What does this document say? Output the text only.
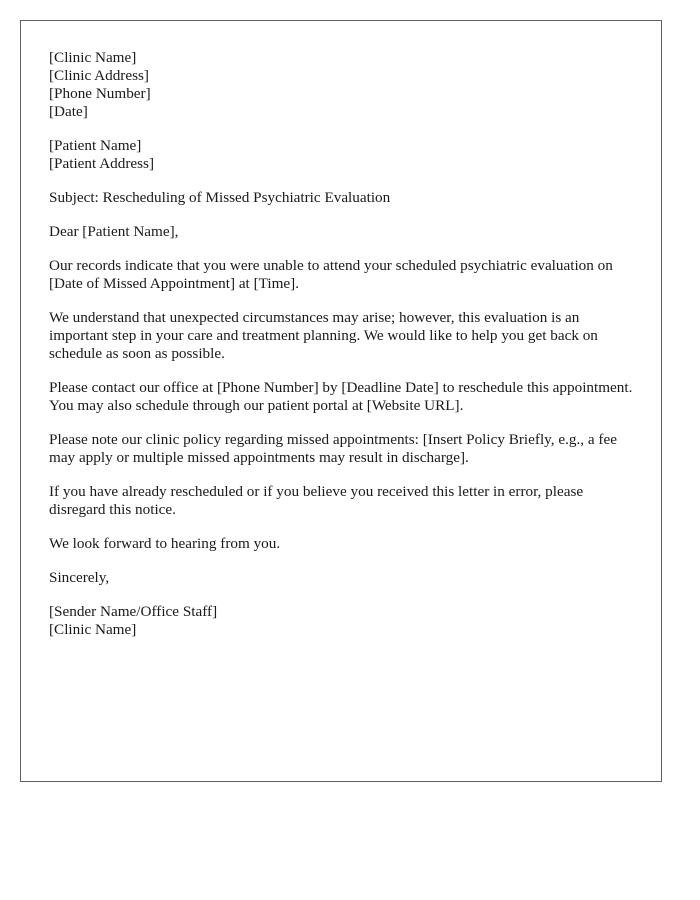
[Clinic Name]
[Clinic Address]
[Phone Number]
[Date]
[Patient Name]
[Patient Address]

Subject: Rescheduling of Missed Psychiatric Evaluation

Dear [Patient Name],

Our records indicate that you were unable to attend your scheduled psychiatric evaluation on [Date of Missed Appointment] at [Time].

We understand that unexpected circumstances may arise; however, this evaluation is an important step in your care and treatment planning. We would like to help you get back on schedule as soon as possible.

Please contact our office at [Phone Number] by [Deadline Date] to reschedule this appointment. You may also schedule through our patient portal at [Website URL].

Please note our clinic policy regarding missed appointments: [Insert Policy Briefly, e.g., a fee may apply or multiple missed appointments may result in discharge].

If you have already rescheduled or if you believe you received this letter in error, please disregard this notice.

We look forward to hearing from you.

Sincerely,

[Sender Name/Office Staff]
[Clinic Name]
